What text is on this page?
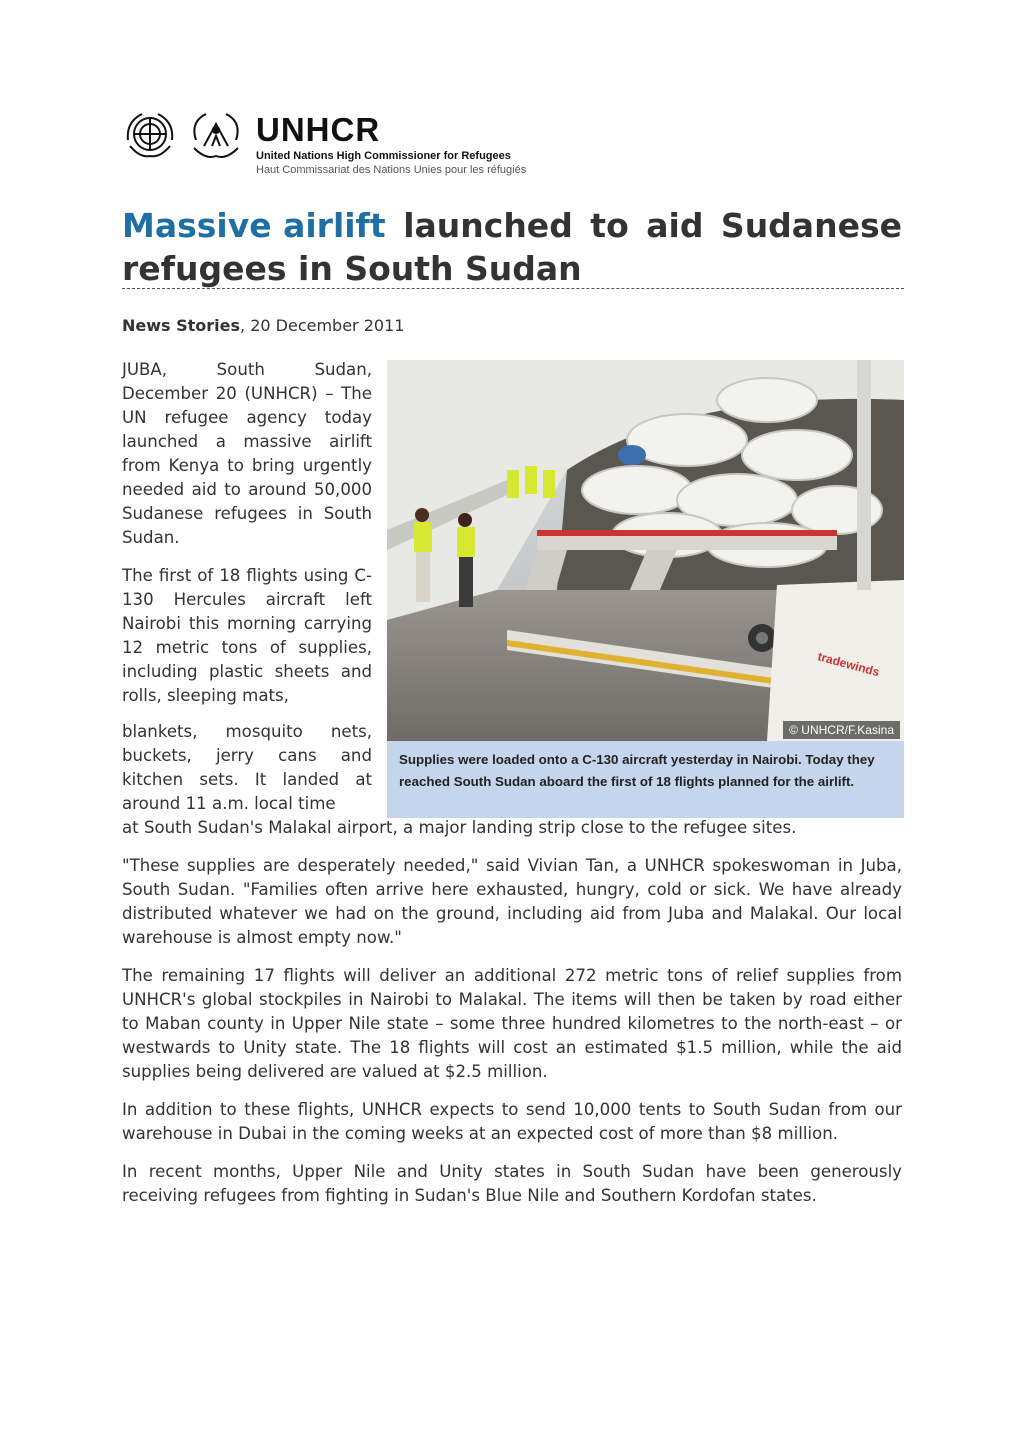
UNHCR
United Nations High Commissioner for Refugees
Haut Commissariat des Nations Unies pour les réfugiés
Massive airlift launched to aid Sudanese
refugees in South Sudan
News Stories, 20 December 2011

JUBA, South Sudan, December 20 (UNHCR) – The UN refugee agency today launched a massive airlift from Kenya to bring urgently needed aid to around 50,000 Sudanese refugees in South Sudan.

The first of 18 flights using C-130 Hercules aircraft left Nairobi this morning carrying 12 metric tons of supplies, including plastic sheets and rolls, sleeping mats,

blankets, mosquito nets, buckets, jerry cans and kitchen sets. It landed at around 11 a.m. local time

at South Sudan's Malakal airport, a major landing strip close to the refugee sites.

"These supplies are desperately needed," said Vivian Tan, a UNHCR spokeswoman in Juba, South Sudan. "Families often arrive here exhausted, hungry, cold or sick. We have already distributed whatever we had on the ground, including aid from Juba and Malakal. Our local warehouse is almost empty now."

The remaining 17 flights will deliver an additional 272 metric tons of relief supplies from UNHCR's global stockpiles in Nairobi to Malakal. The items will then be taken by road either to Maban county in Upper Nile state – some three hundred kilometres to the north-east – or westwards to Unity state. The 18 flights will cost an estimated $1.5 million, while the aid supplies being delivered are valued at $2.5 million.

In addition to these flights, UNHCR expects to send 10,000 tents to South Sudan from our warehouse in Dubai in the coming weeks at an expected cost of more than $8 million.

In recent months, Upper Nile and Unity states in South Sudan have been generously receiving refugees from fighting in Sudan's Blue Nile and Southern Kordofan states.

tradewinds
© UNHCR/F.Kasina
Supplies were loaded onto a C-130 aircraft yesterday in Nairobi. Today they reached South Sudan aboard the first of 18 flights planned for the airlift.
